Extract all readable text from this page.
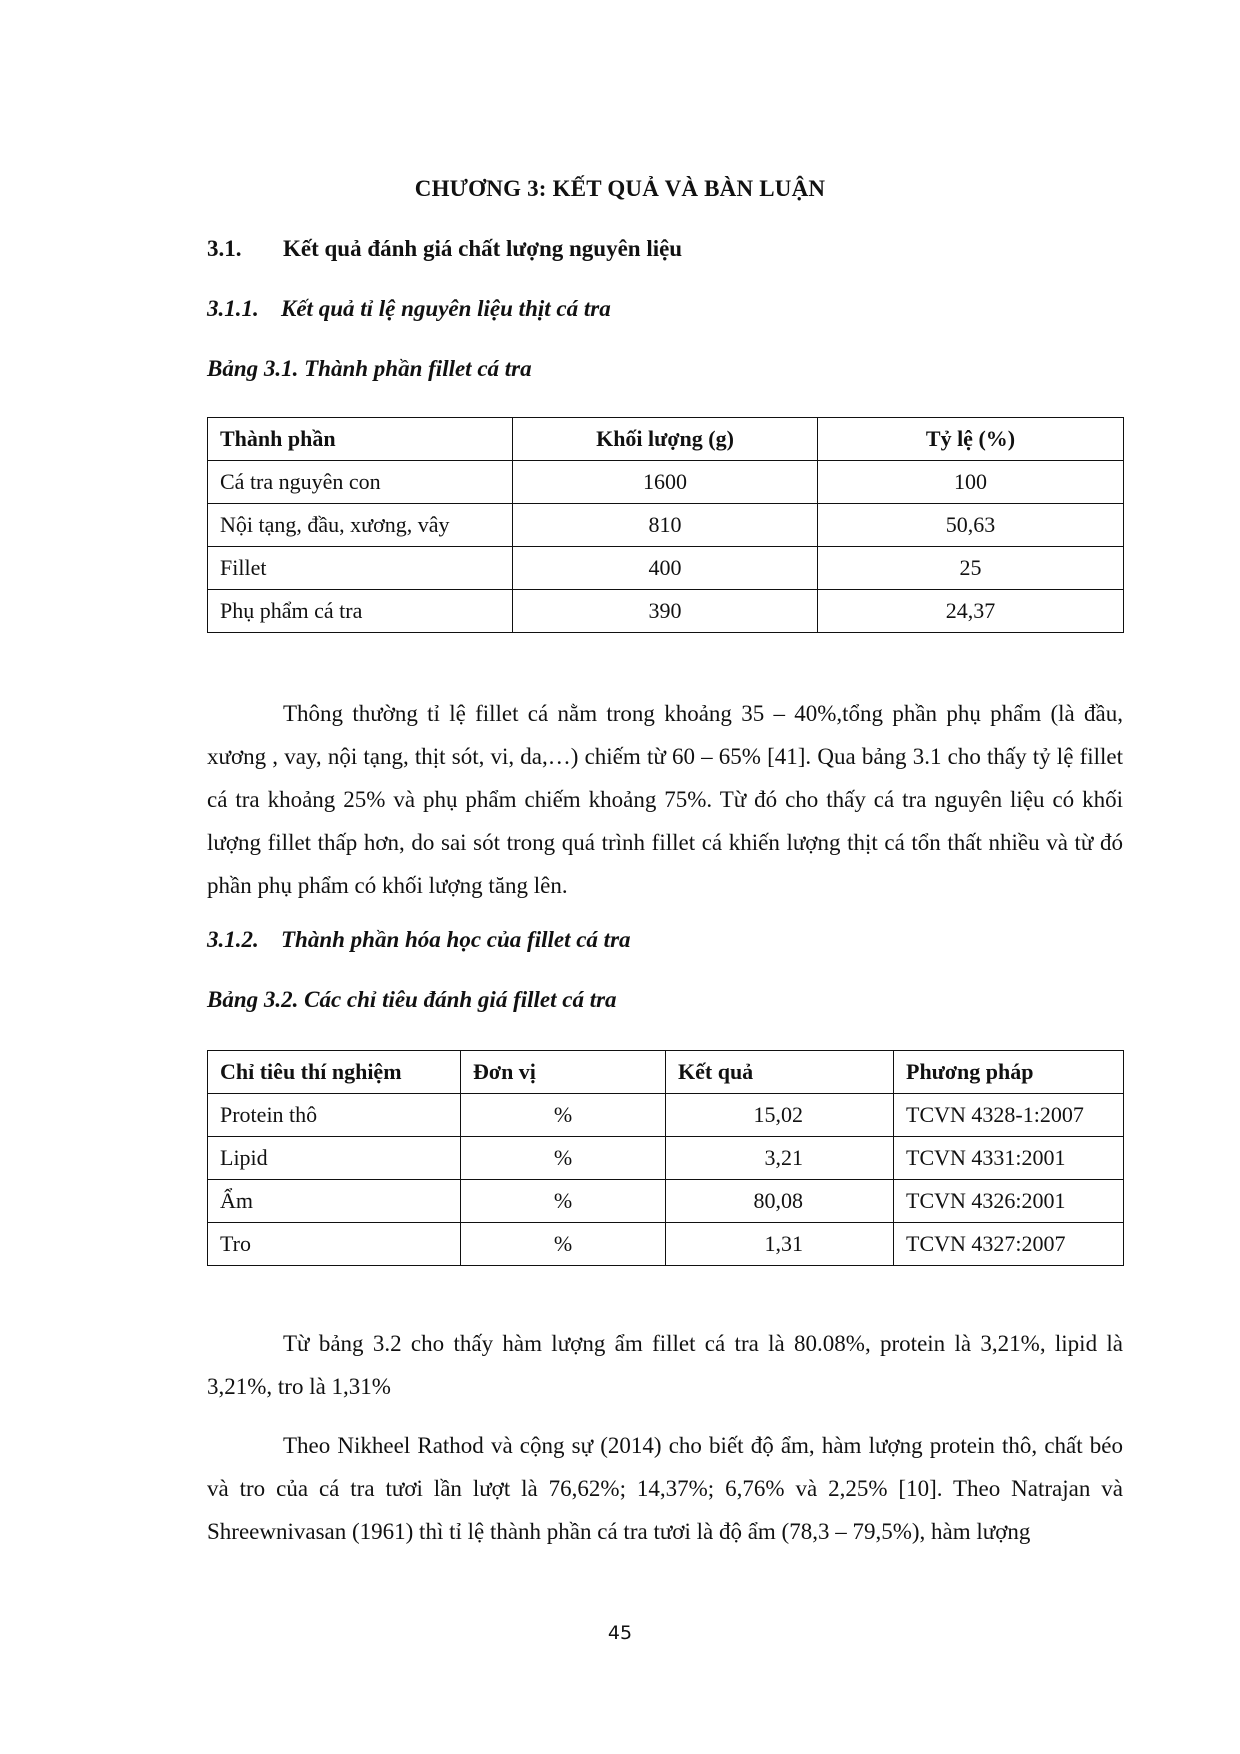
CHƯƠNG 3: KẾT QUẢ VÀ BÀN LUẬN
3.1. Kết quả đánh giá chất lượng nguyên liệu
3.1.1. Kết quả tỉ lệ nguyên liệu thịt cá tra
Bảng 3.1. Thành phần fillet cá tra
Thành phần	Khối lượng (g)	Tỷ lệ (%)
Cá tra nguyên con	1600	100
Nội tạng, đầu, xương, vây	810	50,63
Fillet	400	25
Phụ phẩm cá tra	390	24,37

Thông thường tỉ lệ fillet cá nằm trong khoảng 35 – 40%,tổng phần phụ phẩm (là đầu, xương , vay, nội tạng, thịt sót, vi, da,…) chiếm từ 60 – 65% [41]. Qua bảng 3.1 cho thấy tỷ lệ fillet cá tra khoảng 25% và phụ phẩm chiếm khoảng 75%. Từ đó cho thấy cá tra nguyên liệu có khối lượng fillet thấp hơn, do sai sót trong quá trình fillet cá khiến lượng thịt cá tổn thất nhiều và từ đó phần phụ phẩm có khối lượng tăng lên.

3.1.2. Thành phần hóa học của fillet cá tra
Bảng 3.2. Các chỉ tiêu đánh giá fillet cá tra
Chỉ tiêu thí nghiệm	Đơn vị	Kết quả	Phương pháp
Protein thô	%	15,02	TCVN 4328-1:2007
Lipid	%	3,21	TCVN 4331:2001
Ẩm	%	80,08	TCVN 4326:2001
Tro	%	1,31	TCVN 4327:2007

Từ bảng 3.2 cho thấy hàm lượng ẩm fillet cá tra là 80.08%, protein là 3,21%, lipid là 3,21%, tro là 1,31%

Theo Nikheel Rathod và cộng sự (2014) cho biết độ ẩm, hàm lượng protein thô, chất béo và tro của cá tra tươi lần lượt là 76,62%; 14,37%; 6,76% và 2,25% [10]. Theo Natrajan và Shreewnivasan (1961) thì tỉ lệ thành phần cá tra tươi là độ ẩm (78,3 – 79,5%), hàm lượng

45
